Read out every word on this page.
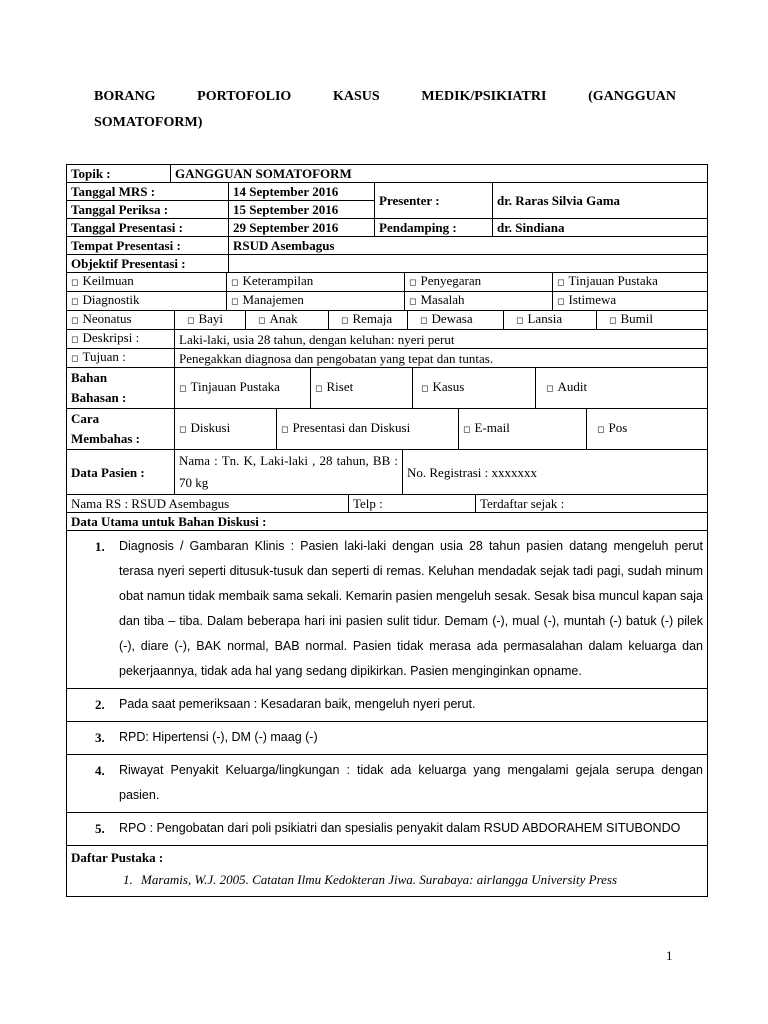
BORANG	PORTOFOLIO	KASUS	MEDIK/PSIKIATRI	(GANGGUAN
SOMATOFORM)
Topik :	GANGGUAN SOMATOFORM			
Tanggal MRS :		14 September 2016	Presenter :	dr. Raras Silvia Gama
Tanggal Periksa :		15 September 2016		
Tanggal Presentasi :		29 September 2016	Pendamping :	dr. Sindiana
Tempat Presentasi :		RSUD Asembagus		
Objektif Presentasi :				
◻ Keilmuan	◻ Keterampilan	◻ Penyegaran	◻ Tinjauan Pustaka
◻ Diagnostik	◻ Manajemen	◻ Masalah	◻ Istimewa
◻ Neonatus	◻ Bayi	◻ Anak	◻ Remaja	◻ Dewasa	◻ Lansia	◻ Bumil
◻ Deskripsi :	Laki-laki, usia 28 tahun, dengan keluhan: nyeri perut
◻ Tujuan :	Penegakkan diagnosa dan pengobatan yang tepat dan tuntas.
Bahan
Bahasan :	◻ Tinjauan Pustaka	◻ Riset	◻ Kasus	◻ Audit
Cara
Membahas :	◻ Diskusi	◻ Presentasi dan Diskusi	◻ E-mail	◻ Pos
Data Pasien :	Nama : Tn. K, Laki-laki , 28 tahun, BB : 70 kg	No. Registrasi : xxxxxxx
Nama RS : RSUD Asembagus	Telp :	Terdaftar sejak :
Data Utama untuk Bahan Diskusi :

1.	Diagnosis / Gambaran Klinis : Pasien laki-laki dengan usia 28 tahun pasien datang mengeluh perut terasa nyeri seperti ditusuk-tusuk dan seperti di remas. Keluhan mendadak sejak tadi pagi, sudah minum obat namun tidak membaik sama sekali. Kemarin pasien mengeluh sesak. Sesak bisa muncul kapan saja dan tiba – tiba. Dalam beberapa hari ini pasien sulit tidur. Demam (-), mual (-), muntah (-) batuk (-) pilek (-), diare (-), BAK normal, BAB normal. Pasien tidak merasa ada permasalahan dalam keluarga dan pekerjaannya, tidak ada hal yang sedang dipikirkan. Pasien menginginkan opname.

2.	Pada saat pemeriksaan : Kesadaran baik, mengeluh nyeri perut.

3.	RPD: Hipertensi (-), DM (-) maag (-)

4.	Riwayat Penyakit Keluarga/lingkungan : tidak ada keluarga yang mengalami gejala serupa dengan pasien.

5.	RPO : Pengobatan dari poli psikiatri dan spesialis penyakit dalam RSUD ABDORAHEM SITUBONDO

Daftar Pustaka :
1. Maramis, W.J. 2005. Catatan Ilmu Kedokteran Jiwa. Surabaya: airlangga University Press
1
